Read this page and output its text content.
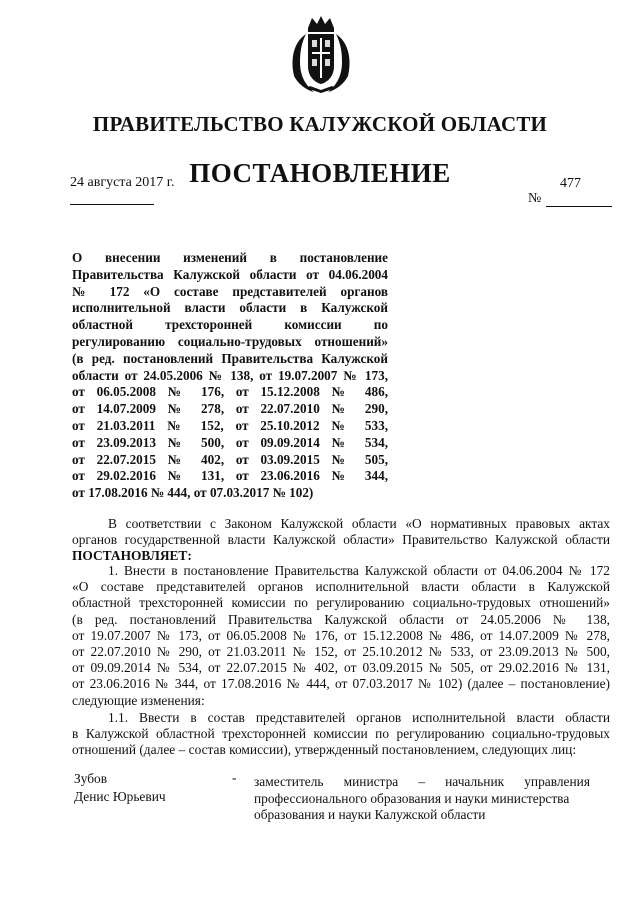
ПРАВИТЕЛЬСТВО КАЛУЖСКОЙ ОБЛАСТИ
24 августа 2017 г. ПОСТАНОВЛЕНИЕ	477
№
О внесении изменений в постановление
Правительства Калужской области от 04.06.2004
№ 172 «О составе представителей органов
исполнительной власти области в Калужской
областной трехсторонней комиссии по
регулированию социально-трудовых отношений»
(в ред. постановлений Правительства Калужской
области от 24.05.2006 № 138, от 19.07.2007 № 173,
от 06.05.2008 № 176, от 15.12.2008 № 486,
от 14.07.2009 № 278, от 22.07.2010 № 290,
от 21.03.2011 № 152, от 25.10.2012 № 533,
от 23.09.2013 № 500, от 09.09.2014 № 534,
от 22.07.2015 № 402, от 03.09.2015 № 505,
от 29.02.2016 № 131, от 23.06.2016 № 344,
от 17.08.2016 № 444, от 07.03.2017 № 102)
В соответствии с Законом Калужской области «О нормативных правовых актах
органов государственной власти Калужской области» Правительство Калужской области
ПОСТАНОВЛЯЕТ:
1. Внести в постановление Правительства Калужской области от 04.06.2004 № 172
«О составе представителей органов исполнительной власти области в Калужской
областной трехсторонней комиссии по регулированию социально-трудовых отношений»
(в ред. постановлений Правительства Калужской области от 24.05.2006 № 138,
от 19.07.2007 № 173, от 06.05.2008 № 176, от 15.12.2008 № 486, от 14.07.2009 № 278,
от 22.07.2010 № 290, от 21.03.2011 № 152, от 25.10.2012 № 533, от 23.09.2013 № 500,
от 09.09.2014 № 534, от 22.07.2015 № 402, от 03.09.2015 № 505, от 29.02.2016 № 131,
от 23.06.2016 № 344, от 17.08.2016 № 444, от 07.03.2017 № 102) (далее – постановление)
следующие изменения:
1.1. Ввести в состав представителей органов исполнительной власти области
в Калужской областной трехсторонней комиссии по регулированию социально-трудовых
отношений (далее – состав комиссии), утвержденный постановлением, следующих лиц:
Зубов
Денис Юрьевич
- заместитель министра – начальник управления
профессионального образования и науки министерства
образования и науки Калужской области
